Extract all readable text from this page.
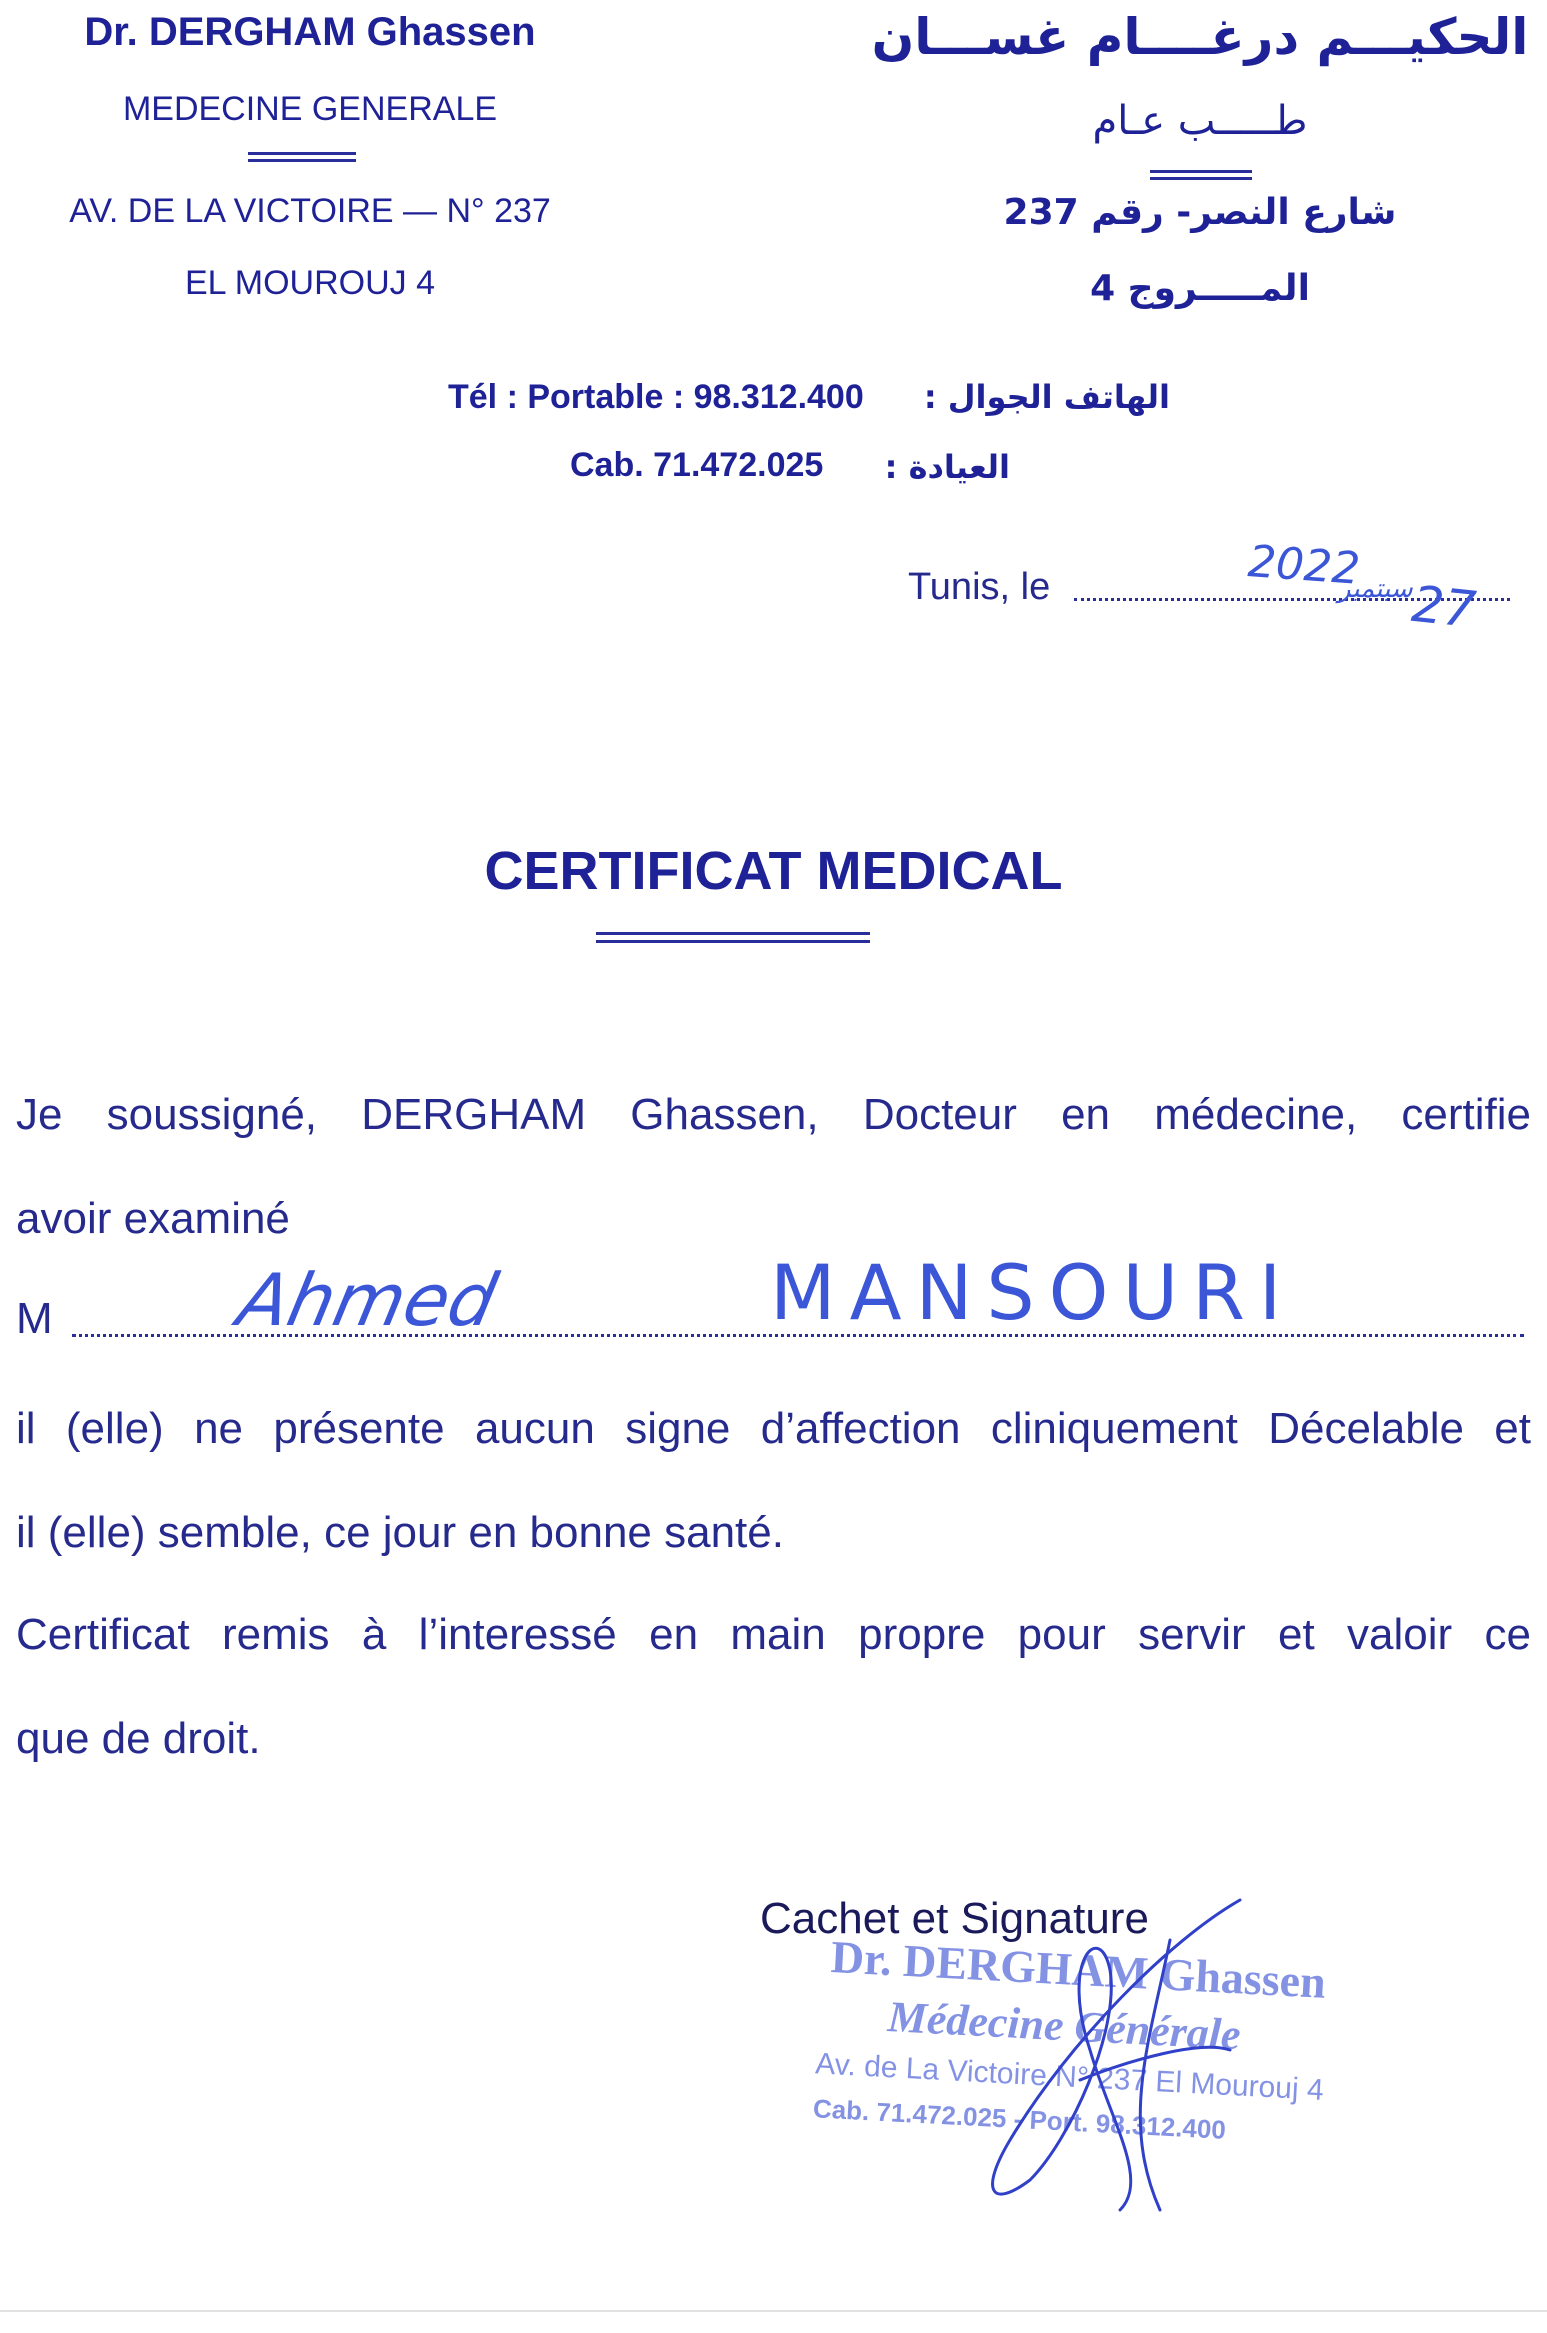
Dr. DERGHAM Ghassen
MEDECINE GENERALE
AV. DE LA VICTOIRE — N° 237
EL MOUROUJ 4
الحكيـــم درغــــام غســـان
طـــــب عـام
شارع النصر- رقم 237
المـــــروج 4
Tél : Portable : 98.312.400 الهاتف الجوال :
Cab. 71.472.025	العيادة :
Tunis, le	2022
سبتمبر
27
CERTIFICAT MEDICAL
Je soussigné, DERGHAM Ghassen, Docteur en médecine, certifie
avoir examiné
M Ahmed	MANSOURI
il (elle) ne présente aucun signe d’affection cliniquement Décelable et
il (elle) semble, ce jour en bonne santé.
Certificat remis à l’interessé en main propre pour servir et valoir ce
que de droit.
Cachet et Signature
Dr. DERGHAM Ghassen
Médecine Générale
Av. de La Victoire N° 237 El Mourouj 4
Cab. 71.472.025 - Port. 98.312.400
